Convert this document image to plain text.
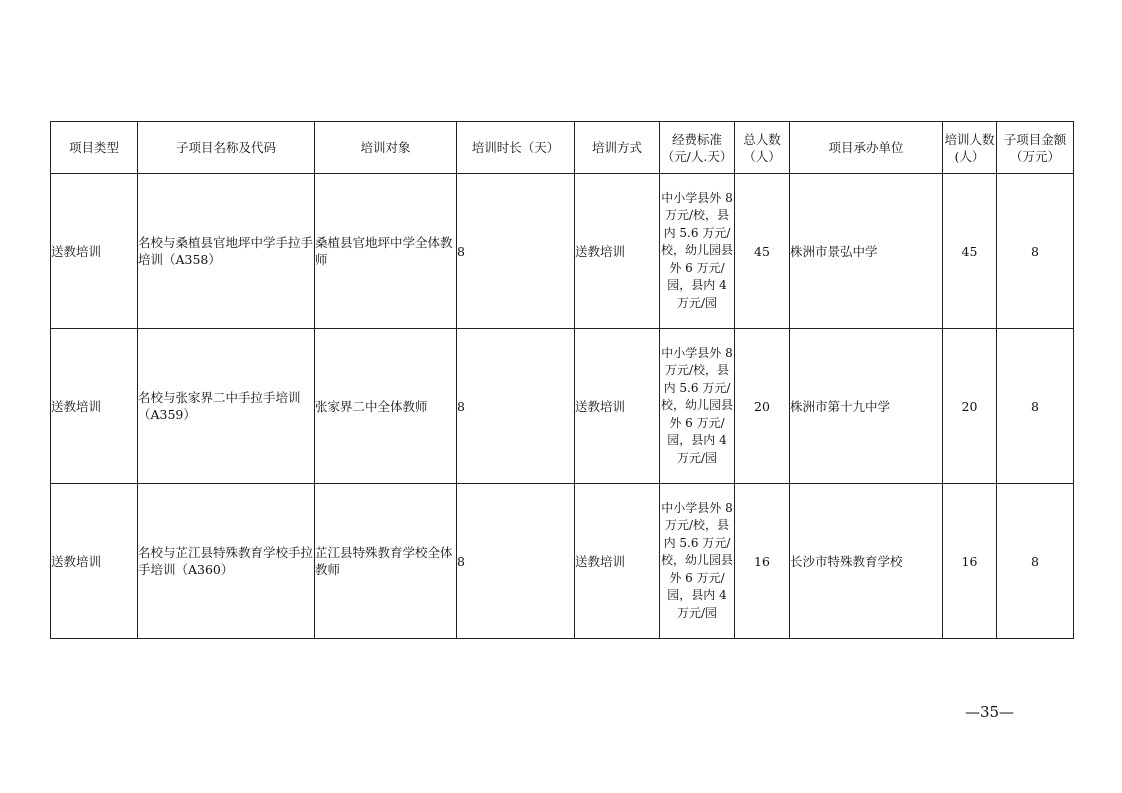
项目类型	子项目名称及代码	培训对象	培训时长（天）	培训方式	经费标准（元/人.天）	总人数（人）	项目承办单位	培训人数(人）	子项目金额（万元）
送教培训	名校与桑植县官地坪中学手拉手培训（A358）	桑植县官地坪中学全体教师	8	送教培训	中小学县外 8 万元/校，县内 5.6 万元/校，幼儿园县外 6 万元/园，县内 4 万元/园	45	株洲市景弘中学	45	8
送教培训	名校与张家界二中手拉手培训（A359）	张家界二中全体教师	8	送教培训	中小学县外 8 万元/校，县内 5.6 万元/校，幼儿园县外 6 万元/园，县内 4 万元/园	20	株洲市第十九中学	20	8
送教培训	名校与芷江县特殊教育学校手拉手培训（A360）	芷江县特殊教育学校全体教师	8	送教培训	中小学县外 8 万元/校，县内 5.6 万元/校，幼儿园县外 6 万元/园，县内 4 万元/园	16	长沙市特殊教育学校	16	8
—35—
